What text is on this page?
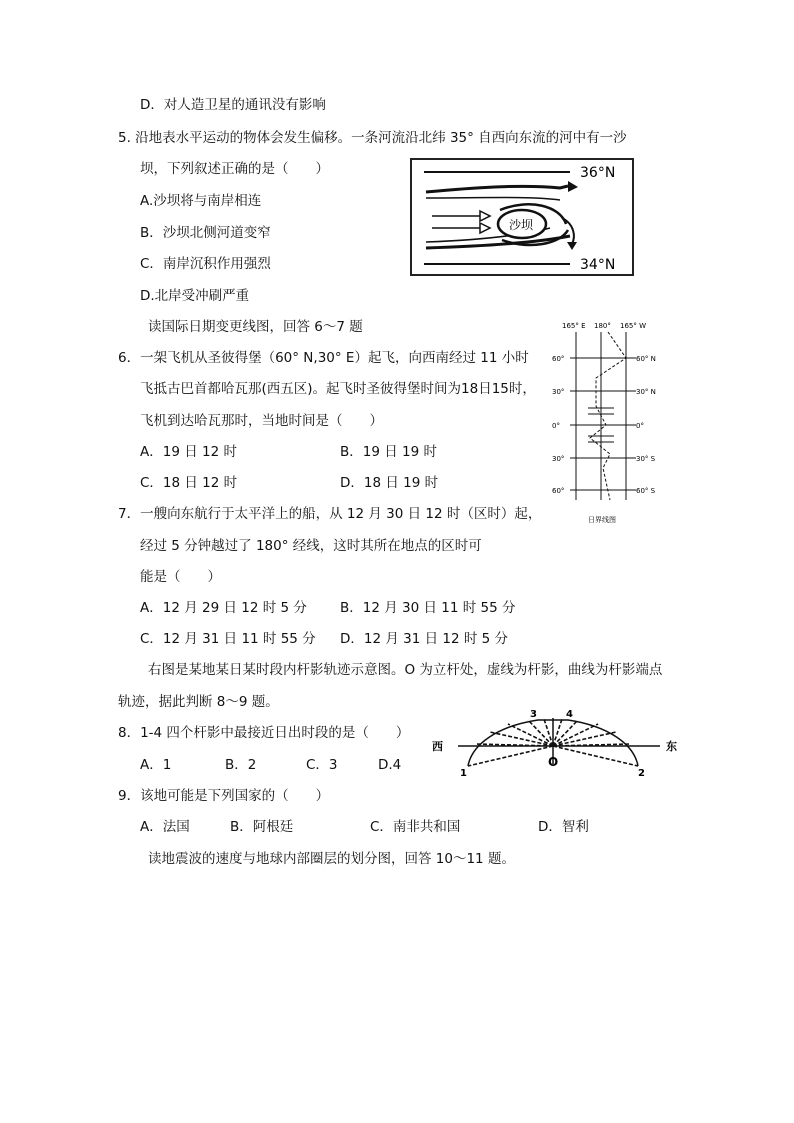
D．对人造卫星的通讯没有影响
5. 沿地表水平运动的物体会发生偏移。一条河流沿北纬 35° 自西向东流的河中有一沙
坝，下列叙述正确的是（　　）
A.沙坝将与南岸相连
B．沙坝北侧河道变窄
C．南岸沉积作用强烈
D.北岸受冲刷严重
36°N
34°N
沙坝
读国际日期变更线图，回答 6～7 题
6．一架飞机从圣彼得堡（60° N,30° E）起飞，向西南经过 11 小时
飞抵古巴首都哈瓦那(西五区)。起飞时圣彼得堡时间为18日15时，
飞机到达哈瓦那时，当地时间是（　　）
A．19 日 12 时	B．19 日 19 时
C．18 日 12 时	D．18 日 19 时
165° E 180° 165° W
60°
30°
0°
30°
60°
60° N
30° N
0°
30° S
60° S
日界线图
7．一艘向东航行于太平洋上的船，从 12 月 30 日 12 时（区时）起，
经过 5 分钟越过了 180° 经线，这时其所在地点的区时可
能是（　　）
A．12 月 29 日 12 时 5 分 B．12 月 30 日 11 时 55 分
C．12 月 31 日 11 时 55 分 D．12 月 31 日 12 时 5 分
右图是某地某日某时段内杆影轨迹示意图。O 为立杆处，虚线为杆影，曲线为杆影端点
轨迹，据此判断 8～9 题。
8．1-4 四个杆影中最接近日出时段的是（　　）
A．1	B．2	C．3	D.4
西	东
O
3	4
1	2
9．该地可能是下列国家的（　　）
A．法国	B．阿根廷	C．南非共和国	D．智利
读地震波的速度与地球内部圈层的划分图，回答 10～11 题。
